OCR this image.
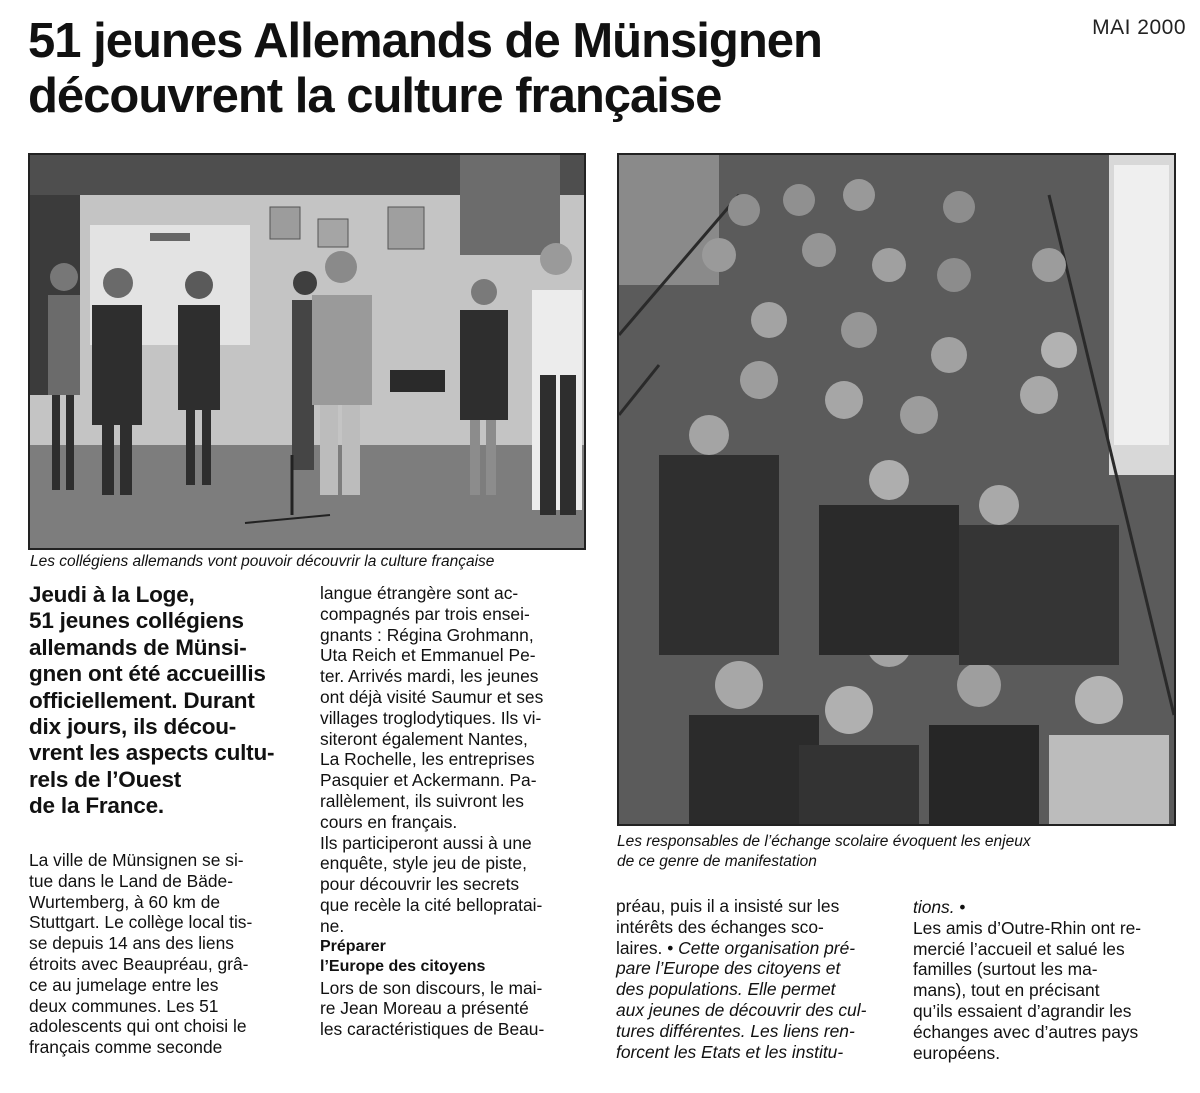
MAI 2000
51 jeunes Allemands de Münsignen
découvrent la culture française
Les collégiens allemands vont pouvoir découvrir la culture française
Les responsables de l’échange scolaire évoquent les enjeux
de ce genre de manifestation
Jeudi à la Loge,
51 jeunes collégiens
allemands de Münsi-
gnen ont été accueillis
officiellement. Durant
dix jours, ils décou-
vrent les aspects cultu-
rels de l’Ouest
de la France.
La ville de Münsignen se si-
tue dans le Land de Bäde-
Wurtemberg, à 60 km de
Stuttgart. Le collège local tis-
se depuis 14 ans des liens
étroits avec Beaupréau, grâ-
ce au jumelage entre les
deux communes. Les 51
adolescents qui ont choisi le
français comme seconde
langue étrangère sont ac-
compagnés par trois ensei-
gnants : Régina Grohmann,
Uta Reich et Emmanuel Pe-
ter. Arrivés mardi, les jeunes
ont déjà visité Saumur et ses
villages troglodytiques. Ils vi-
siteront également Nantes,
La Rochelle, les entreprises
Pasquier et Ackermann. Pa-
rallèlement, ils suivront les
cours en français.
Ils participeront aussi à une
enquête, style jeu de piste,
pour découvrir les secrets
que recèle la cité bellopratai-
ne.
Préparer
l’Europe des citoyens
Lors de son discours, le mai-
re Jean Moreau a présenté
les caractéristiques de Beau-
préau, puis il a insisté sur les
intérêts des échanges sco-
laires. • Cette organisation pré-
pare l’Europe des citoyens et
des populations. Elle permet
aux jeunes de découvrir des cul-
tures différentes. Les liens ren-
forcent les Etats et les institu-
tions. •
Les amis d’Outre-Rhin ont re-
mercié l’accueil et salué les
familles (surtout les ma-
mans), tout en précisant
qu’ils essaient d’agrandir les
échanges avec d’autres pays
européens.
